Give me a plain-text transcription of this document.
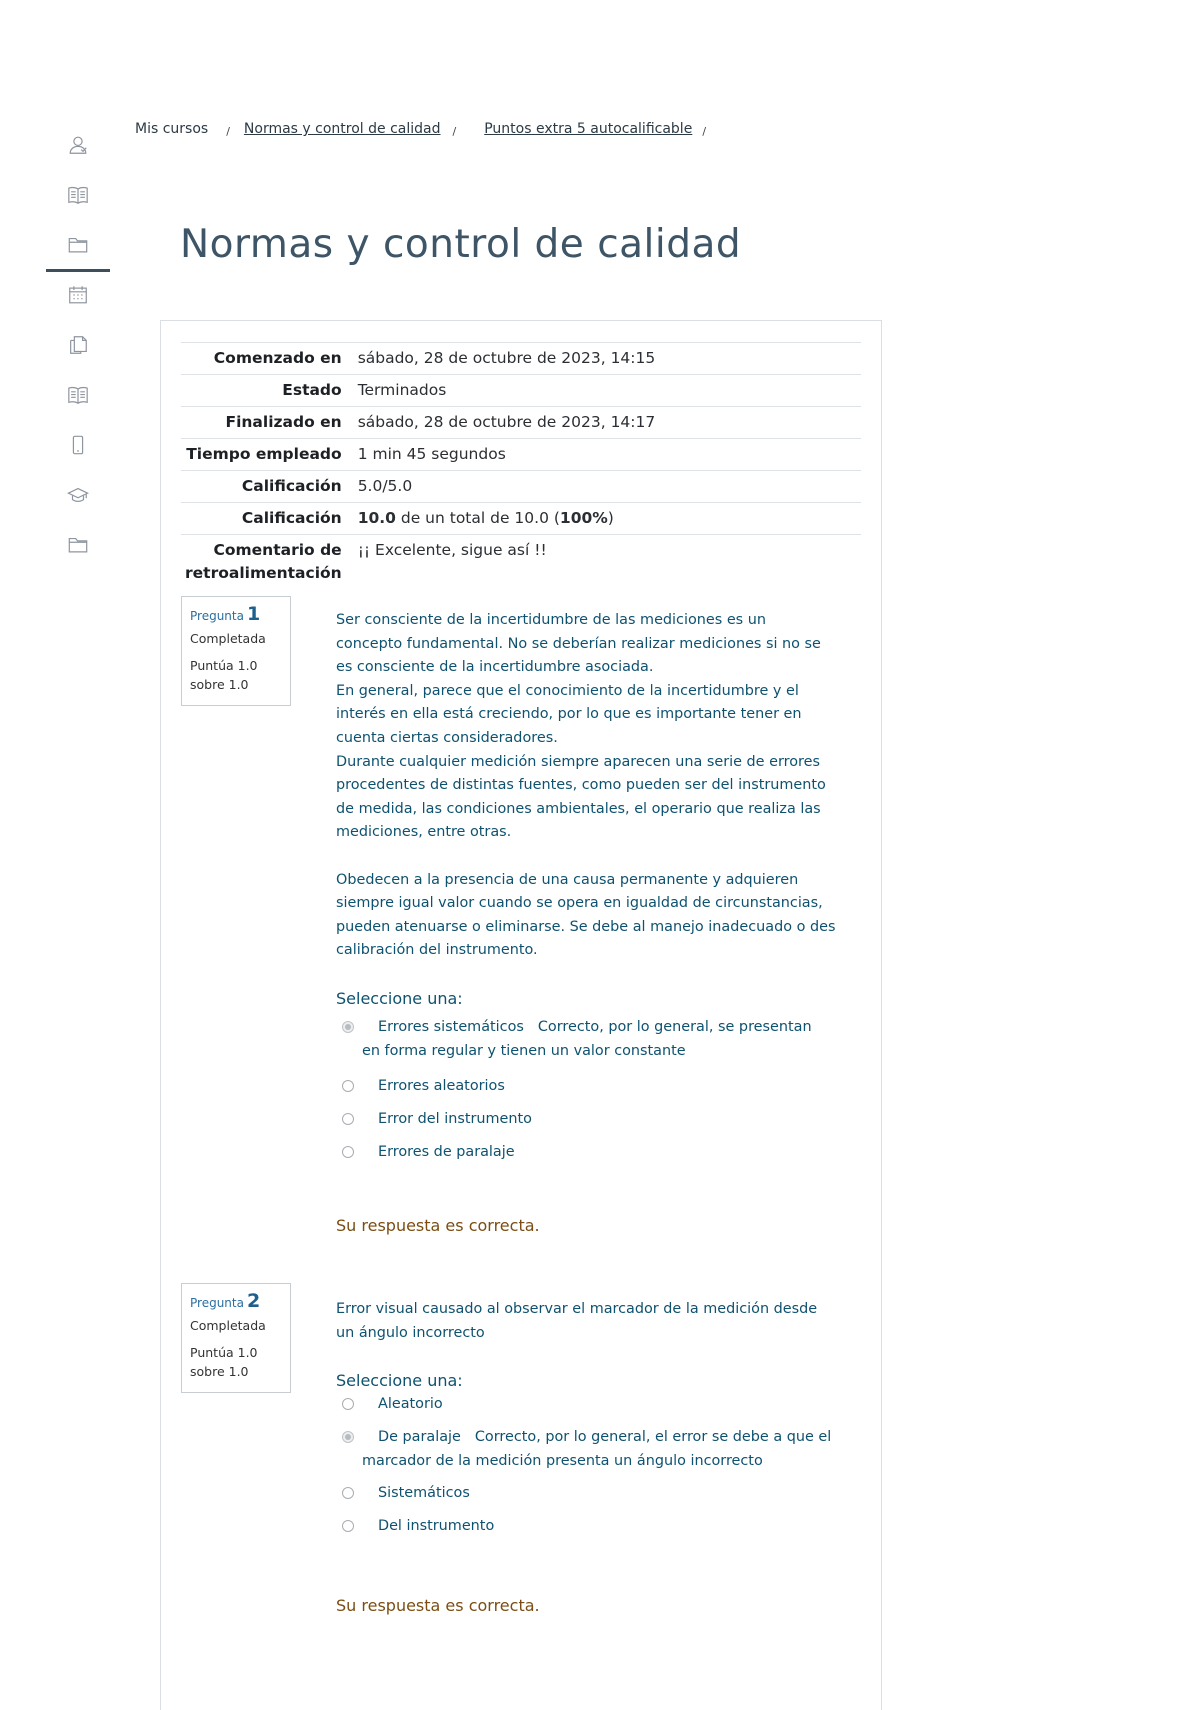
Mis cursos / Normas y control de calidad / Puntos extra 5 autocalificable /
Normas y control de calidad
Comenzado en	sábado, 28 de octubre de 2023, 14:15
Estado	Terminados
Finalizado en	sábado, 28 de octubre de 2023, 14:17
Tiempo empleado	1 min 45 segundos
Calificación	5.0/5.0
Calificación	10.0 de un total de 10.0 (100%)
Comentario de retroalimentación	¡¡ Excelente, sigue así !!
Pregunta 1
Completada
Puntúa 1.0 sobre 1.0

Ser consciente de la incertidumbre de las mediciones es un concepto fundamental. No se deberían realizar mediciones si no se es consciente de la incertidumbre asociada.

En general, parece que el conocimiento de la incertidumbre y el interés en ella está creciendo, por lo que es importante tener en cuenta ciertas consideradores.

Durante cualquier medición siempre aparecen una serie de errores procedentes de distintas fuentes, como pueden ser del instrumento de medida, las condiciones ambientales, el operario que realiza las mediciones, entre otras.

Obedecen a la presencia de una causa permanente y adquieren siempre igual valor cuando se opera en igualdad de circunstancias, pueden atenuarse o eliminarse. Se debe al manejo inadecuado o des calibración del instrumento.

Seleccione una:
Errores sistemáticos Correcto, por lo general, se presentan en forma regular y tienen un valor constante
Errores aleatorios
Error del instrumento
Errores de paralaje
Su respuesta es correcta.
Pregunta 2
Completada
Puntúa 1.0 sobre 1.0

Error visual causado al observar el marcador de la medición desde un ángulo incorrecto

Seleccione una:
Aleatorio
De paralaje Correcto, por lo general, el error se debe a que el marcador de la medición presenta un ángulo incorrecto
Sistemáticos
Del instrumento
Su respuesta es correcta.
